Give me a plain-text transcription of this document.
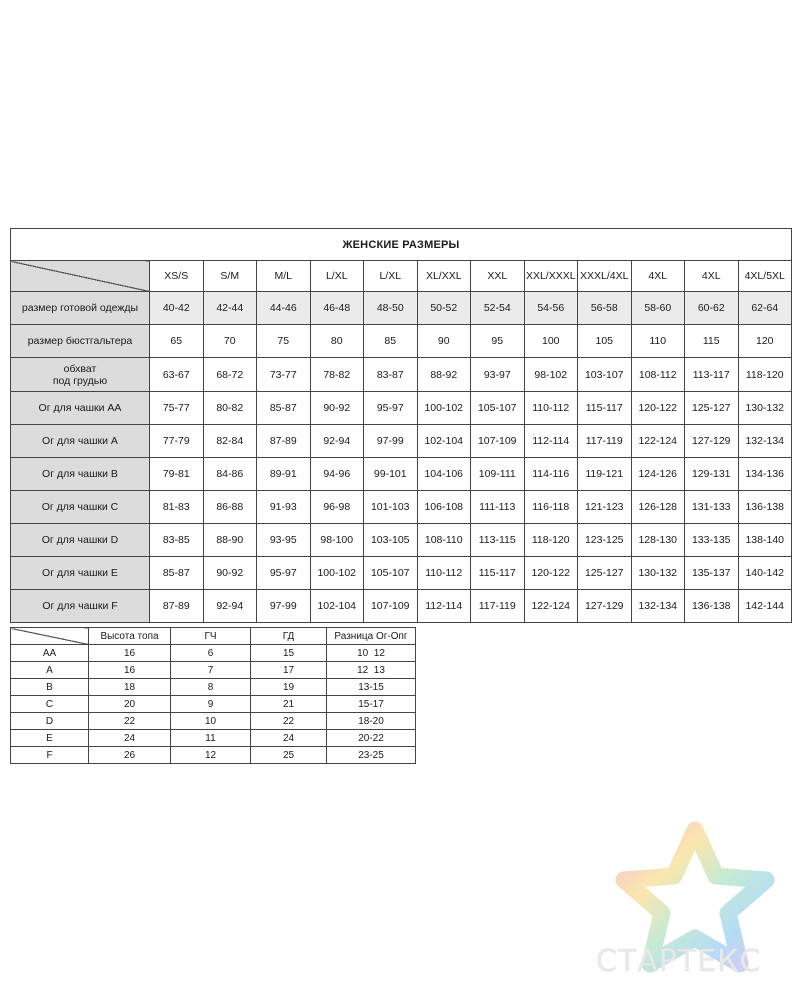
ЖЕНСКИЕ РАЗМЕРЫ												
	XS/S	S/M	M/L	L/XL	L/XL	XL/XXL	XXL	XXL/XXXL	XXXL/4XL	4XL	4XL	4XL/5XL
размер готовой одежды	40-42	42-44	44-46	46-48	48-50	50-52	52-54	54-56	56-58	58-60	60-62	62-64
размер бюстгальтера	65	70	75	80	85	90	95	100	105	110	115	120
обхват
под грудью	63-67	68-72	73-77	78-82	83-87	88-92	93-97	98-102	103-107	108-112	113-117	118-120
Ог для чашки АА	75-77	80-82	85-87	90-92	95-97	100-102	105-107	110-112	115-117	120-122	125-127	130-132
Ог для чашки А	77-79	82-84	87-89	92-94	97-99	102-104	107-109	112-114	117-119	122-124	127-129	132-134
Ог для чашки В	79-81	84-86	89-91	94-96	99-101	104-106	109-111	114-116	119-121	124-126	129-131	134-136
Ог для чашки С	81-83	86-88	91-93	96-98	101-103	106-108	111-113	116-118	121-123	126-128	131-133	136-138
Ог для чашки D	83-85	88-90	93-95	98-100	103-105	108-110	113-115	118-120	123-125	128-130	133-135	138-140
Ог для чашки Е	85-87	90-92	95-97	100-102	105-107	110-112	115-117	120-122	125-127	130-132	135-137	140-142
Ог для чашки F	87-89	92-94	97-99	102-104	107-109	112-114	117-119	122-124	127-129	132-134	136-138	142-144
	Высота топа	ГЧ	ГД	Разница Ог-Опг
AA	16	6	15	10  12
A	16	7	17	12  13
B	18	8	19	13-15
C	20	9	21	15-17
D	22	10	22	18-20
E	24	11	24	20-22
F	26	12	25	23-25
СТАРТЕКС
